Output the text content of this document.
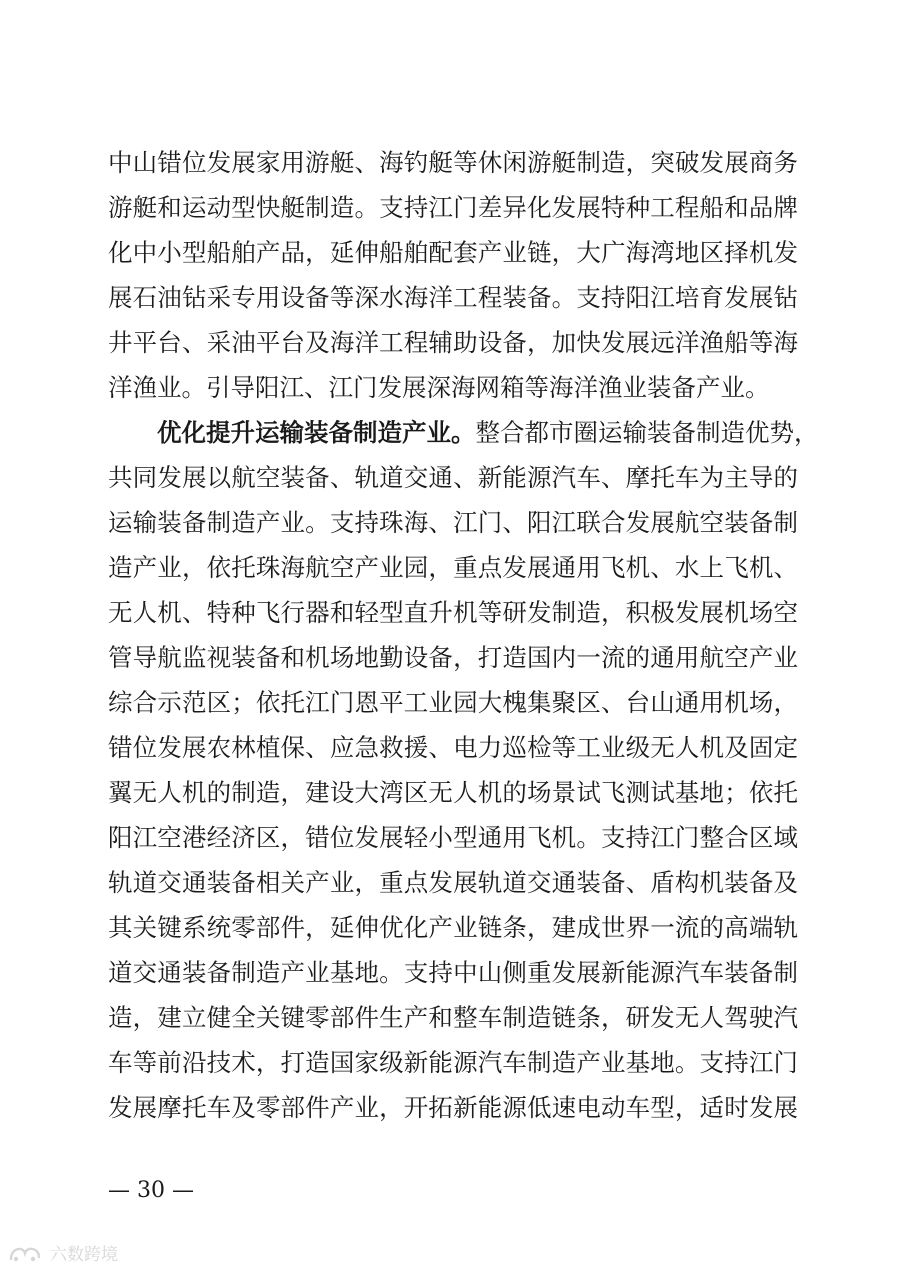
中山错位发展家用游艇、海钓艇等休闲游艇制造，突破发展商务
游艇和运动型快艇制造。支持江门差异化发展特种工程船和品牌
化中小型船舶产品，延伸船舶配套产业链，大广海湾地区择机发
展石油钻采专用设备等深水海洋工程装备。支持阳江培育发展钻
井平台、采油平台及海洋工程辅助设备，加快发展远洋渔船等海
洋渔业。引导阳江、江门发展深海网箱等海洋渔业装备产业。
优化提升运输装备制造产业。整合都市圈运输装备制造优势，
共同发展以航空装备、轨道交通、新能源汽车、摩托车为主导的
运输装备制造产业。支持珠海、江门、阳江联合发展航空装备制
造产业，依托珠海航空产业园，重点发展通用飞机、水上飞机、
无人机、特种飞行器和轻型直升机等研发制造，积极发展机场空
管导航监视装备和机场地勤设备，打造国内一流的通用航空产业
综合示范区；依托江门恩平工业园大槐集聚区、台山通用机场，
错位发展农林植保、应急救援、电力巡检等工业级无人机及固定
翼无人机的制造，建设大湾区无人机的场景试飞测试基地；依托
阳江空港经济区，错位发展轻小型通用飞机。支持江门整合区域
轨道交通装备相关产业，重点发展轨道交通装备、盾构机装备及
其关键系统零部件，延伸优化产业链条，建成世界一流的高端轨
道交通装备制造产业基地。支持中山侧重发展新能源汽车装备制
造，建立健全关键零部件生产和整车制造链条，研发无人驾驶汽
车等前沿技术，打造国家级新能源汽车制造产业基地。支持江门
发展摩托车及零部件产业，开拓新能源低速电动车型，适时发展
— 30 —
六数跨境
